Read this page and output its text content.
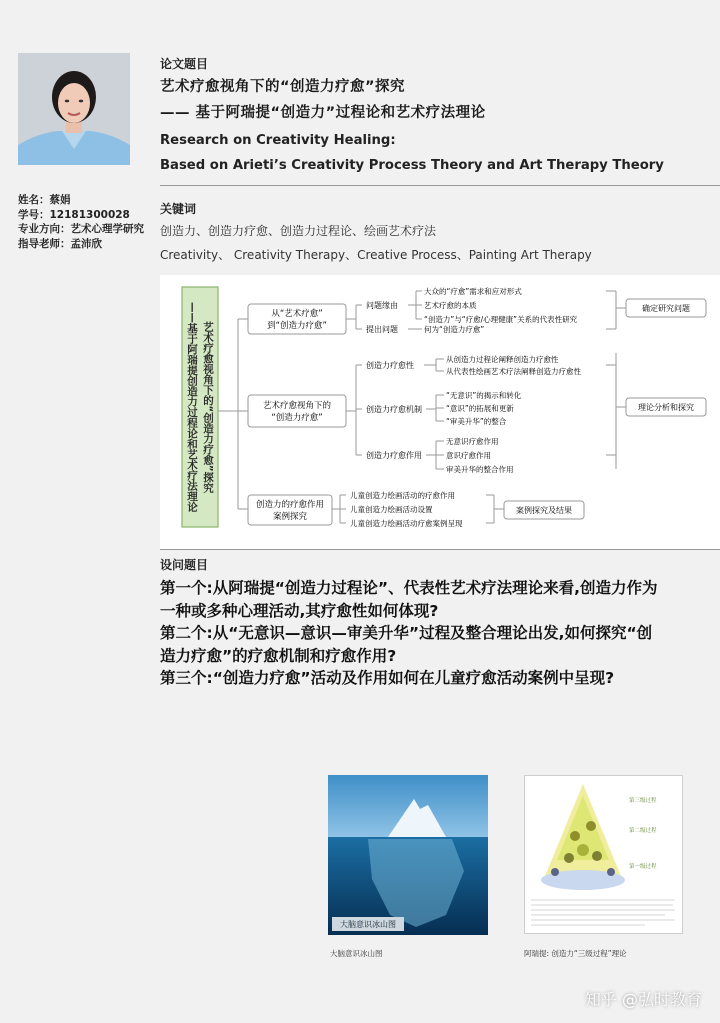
姓名：蔡娟
学号：12181300028
专业方向：艺术心理学研究
指导老师：孟沛欣
论文题目
艺术疗愈视角下的“创造力疗愈”探究
—— 基于阿瑞提“创造力”过程论和艺术疗法理论
Research on Creativity Healing:
Based on Arieti’s Creativity Process Theory and Art Therapy Theory
关键词
创造力、创造力疗愈、创造力过程论、绘画艺术疗法
Creativity、 Creativity Therapy、Creative Process、Painting Art Therapy
艺术疗愈视角下的“创造力疗愈”探究
——基于阿瑞提创造力过程论和艺术疗法理论	从“艺术疗愈”
到“创造力疗愈”
问题缘由
提出问题
大众的“疗愈”需求和应对形式
艺术疗愈的本质
“创造力”与“疗愈/心理健康”关系的代表性研究
何为“创造力疗愈”
确定研究问题
艺术疗愈视角下的
“创造力疗愈”
创造力疗愈性
从创造力过程论阐释创造力疗愈性
从代表性绘画艺术疗法阐释创造力疗愈性
创造力疗愈机制
“无意识”的揭示和转化
“意识”的拓展和更新
“审美升华”的整合
创造力疗愈作用
无意识疗愈作用
意识疗愈作用
审美升华的整合作用
理论分析和探究
创造力的疗愈作用
案例探究
儿童创造力绘画活动的疗愈作用
儿童创造力绘画活动设置
儿童创造力绘画活动疗愈案例呈现
案例探究及结果
设问题目
第一个:从阿瑞提“创造力过程论”、代表性艺术疗法理论来看,创造力作为
一种或多种心理活动,其疗愈性如何体现?
第二个:从“无意识—意识—审美升华”过程及整合理论出发,如何探究“创
造力疗愈”的疗愈机制和疗愈作用?
第三个:“创造力疗愈”活动及作用如何在儿童疗愈活动案例中呈现?
大脑意识冰山图
大脑意识冰山图
第三级过程
第二级过程
第一级过程
阿瑞提: 创造力“三级过程”理论
知乎 @弘时教育
